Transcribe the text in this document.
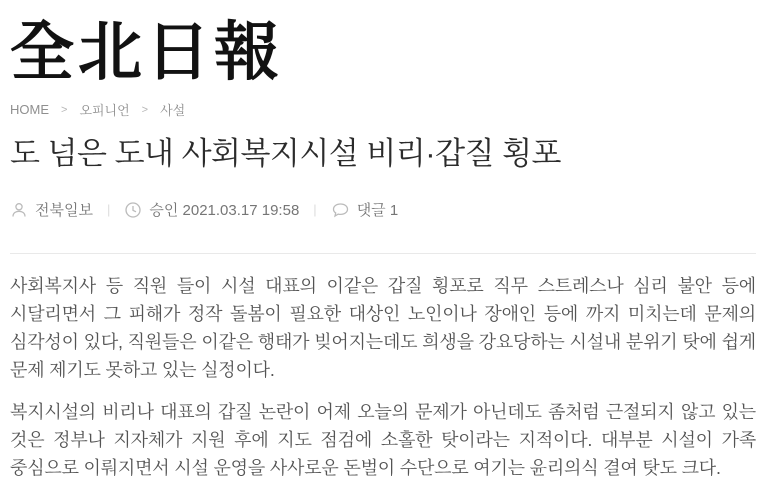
全北日報
HOME > 오피니언 > 사설
도 넘은 도내 사회복지시설 비리·갑질 횡포
전북일보 |	승인 2021.03.17 19:58 |	댓글 1

사회복지사 등 직원 들이 시설 대표의 이같은 갑질 횡포로 직무 스트레스나 심리 불안 등에 시달리면서 그 피해가 정작 돌봄이 필요한 대상인 노인이나 장애인 등에 까지 미치는데 문제의 심각성이 있다, 직원들은 이같은 행태가 빚어지는데도 희생을 강요당하는 시설내 분위기 탓에 쉽게 문제 제기도 못하고 있는 실정이다.

복지시설의 비리나 대표의 갑질 논란이 어제 오늘의 문제가 아닌데도 좀처럼 근절되지 않고 있는 것은 정부나 지자체가 지원 후에 지도 점검에 소홀한 탓이라는 지적이다. 대부분 시설이 가족 중심으로 이뤄지면서 시설 운영을 사사로운 돈벌이 수단으로 여기는 윤리의식 결여 탓도 크다.
